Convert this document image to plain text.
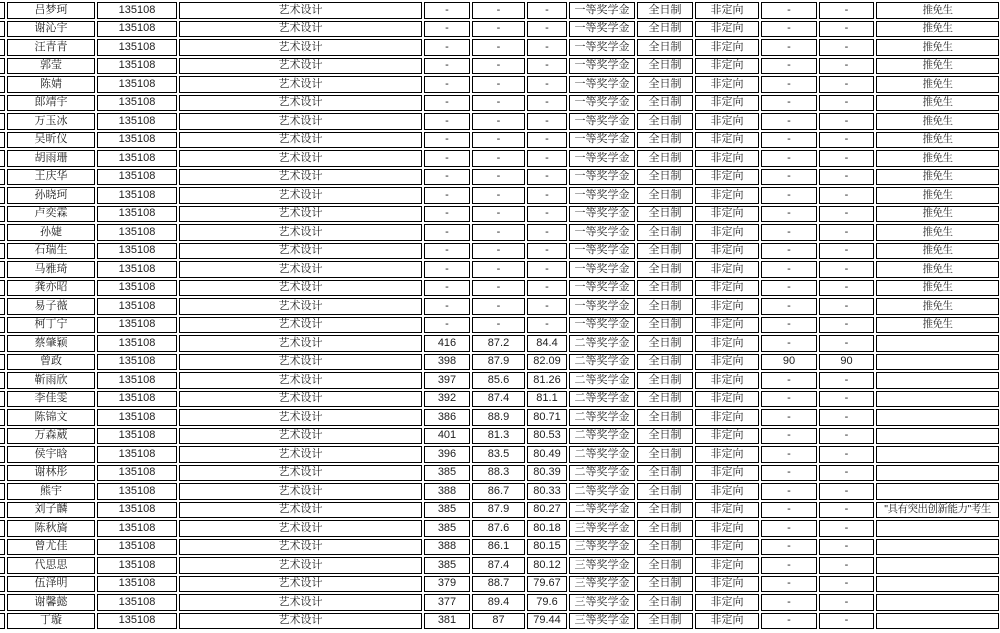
	吕梦珂	135108	艺术设计	-	-	-	一等奖学金	全日制	非定向	-	-	推免生
	谢沁宇	135108	艺术设计	-	-	-	一等奖学金	全日制	非定向	-	-	推免生
	汪青青	135108	艺术设计	-	-	-	一等奖学金	全日制	非定向	-	-	推免生
	郭莹	135108	艺术设计	-	-	-	一等奖学金	全日制	非定向	-	-	推免生
	陈婧	135108	艺术设计	-	-	-	一等奖学金	全日制	非定向	-	-	推免生
	郎靖宇	135108	艺术设计	-	-	-	一等奖学金	全日制	非定向	-	-	推免生
	万玉冰	135108	艺术设计	-	-	-	一等奖学金	全日制	非定向	-	-	推免生
	吴昕仪	135108	艺术设计	-	-	-	一等奖学金	全日制	非定向	-	-	推免生
	胡雨珊	135108	艺术设计	-	-	-	一等奖学金	全日制	非定向	-	-	推免生
	王庆华	135108	艺术设计	-	-	-	一等奖学金	全日制	非定向	-	-	推免生
	孙晓珂	135108	艺术设计	-	-	-	一等奖学金	全日制	非定向	-	-	推免生
	卢奕霖	135108	艺术设计	-	-	-	一等奖学金	全日制	非定向	-	-	推免生
	孙婕	135108	艺术设计	-	-	-	一等奖学金	全日制	非定向	-	-	推免生
	石瑞生	135108	艺术设计	-	-	-	一等奖学金	全日制	非定向	-	-	推免生
	马雅琦	135108	艺术设计	-	-	-	一等奖学金	全日制	非定向	-	-	推免生
	龚亦昭	135108	艺术设计	-	-	-	一等奖学金	全日制	非定向	-	-	推免生
	易子薇	135108	艺术设计	-	-	-	一等奖学金	全日制	非定向	-	-	推免生
	柯丁宁	135108	艺术设计	-	-	-	一等奖学金	全日制	非定向	-	-	推免生
	蔡肇颖	135108	艺术设计	416	87.2	84.4	二等奖学金	全日制	非定向	-	-	
	曾政	135108	艺术设计	398	87.9	82.09	二等奖学金	全日制	非定向	90	90	
	靳雨欣	135108	艺术设计	397	85.6	81.26	二等奖学金	全日制	非定向	-	-	
	李佳雯	135108	艺术设计	392	87.4	81.1	二等奖学金	全日制	非定向	-	-	
	陈锦文	135108	艺术设计	386	88.9	80.71	二等奖学金	全日制	非定向	-	-	
	万森葳	135108	艺术设计	401	81.3	80.53	二等奖学金	全日制	非定向	-	-	
	侯宇晗	135108	艺术设计	396	83.5	80.49	二等奖学金	全日制	非定向	-	-	
	谢林彤	135108	艺术设计	385	88.3	80.39	二等奖学金	全日制	非定向	-	-	
	熊宇	135108	艺术设计	388	86.7	80.33	二等奖学金	全日制	非定向	-	-	
	刘子麟	135108	艺术设计	385	87.9	80.27	二等奖学金	全日制	非定向	-	-	"具有突出创新能力"考生
	陈秋旖	135108	艺术设计	385	87.6	80.18	三等奖学金	全日制	非定向	-	-	
	曾尤佳	135108	艺术设计	388	86.1	80.15	三等奖学金	全日制	非定向	-	-	
	代思思	135108	艺术设计	385	87.4	80.12	三等奖学金	全日制	非定向	-	-	
	伍泽明	135108	艺术设计	379	88.7	79.67	三等奖学金	全日制	非定向	-	-	
	谢馨懿	135108	艺术设计	377	89.4	79.6	三等奖学金	全日制	非定向	-	-	
	丁璇	135108	艺术设计	381	87	79.44	三等奖学金	全日制	非定向	-	-	
